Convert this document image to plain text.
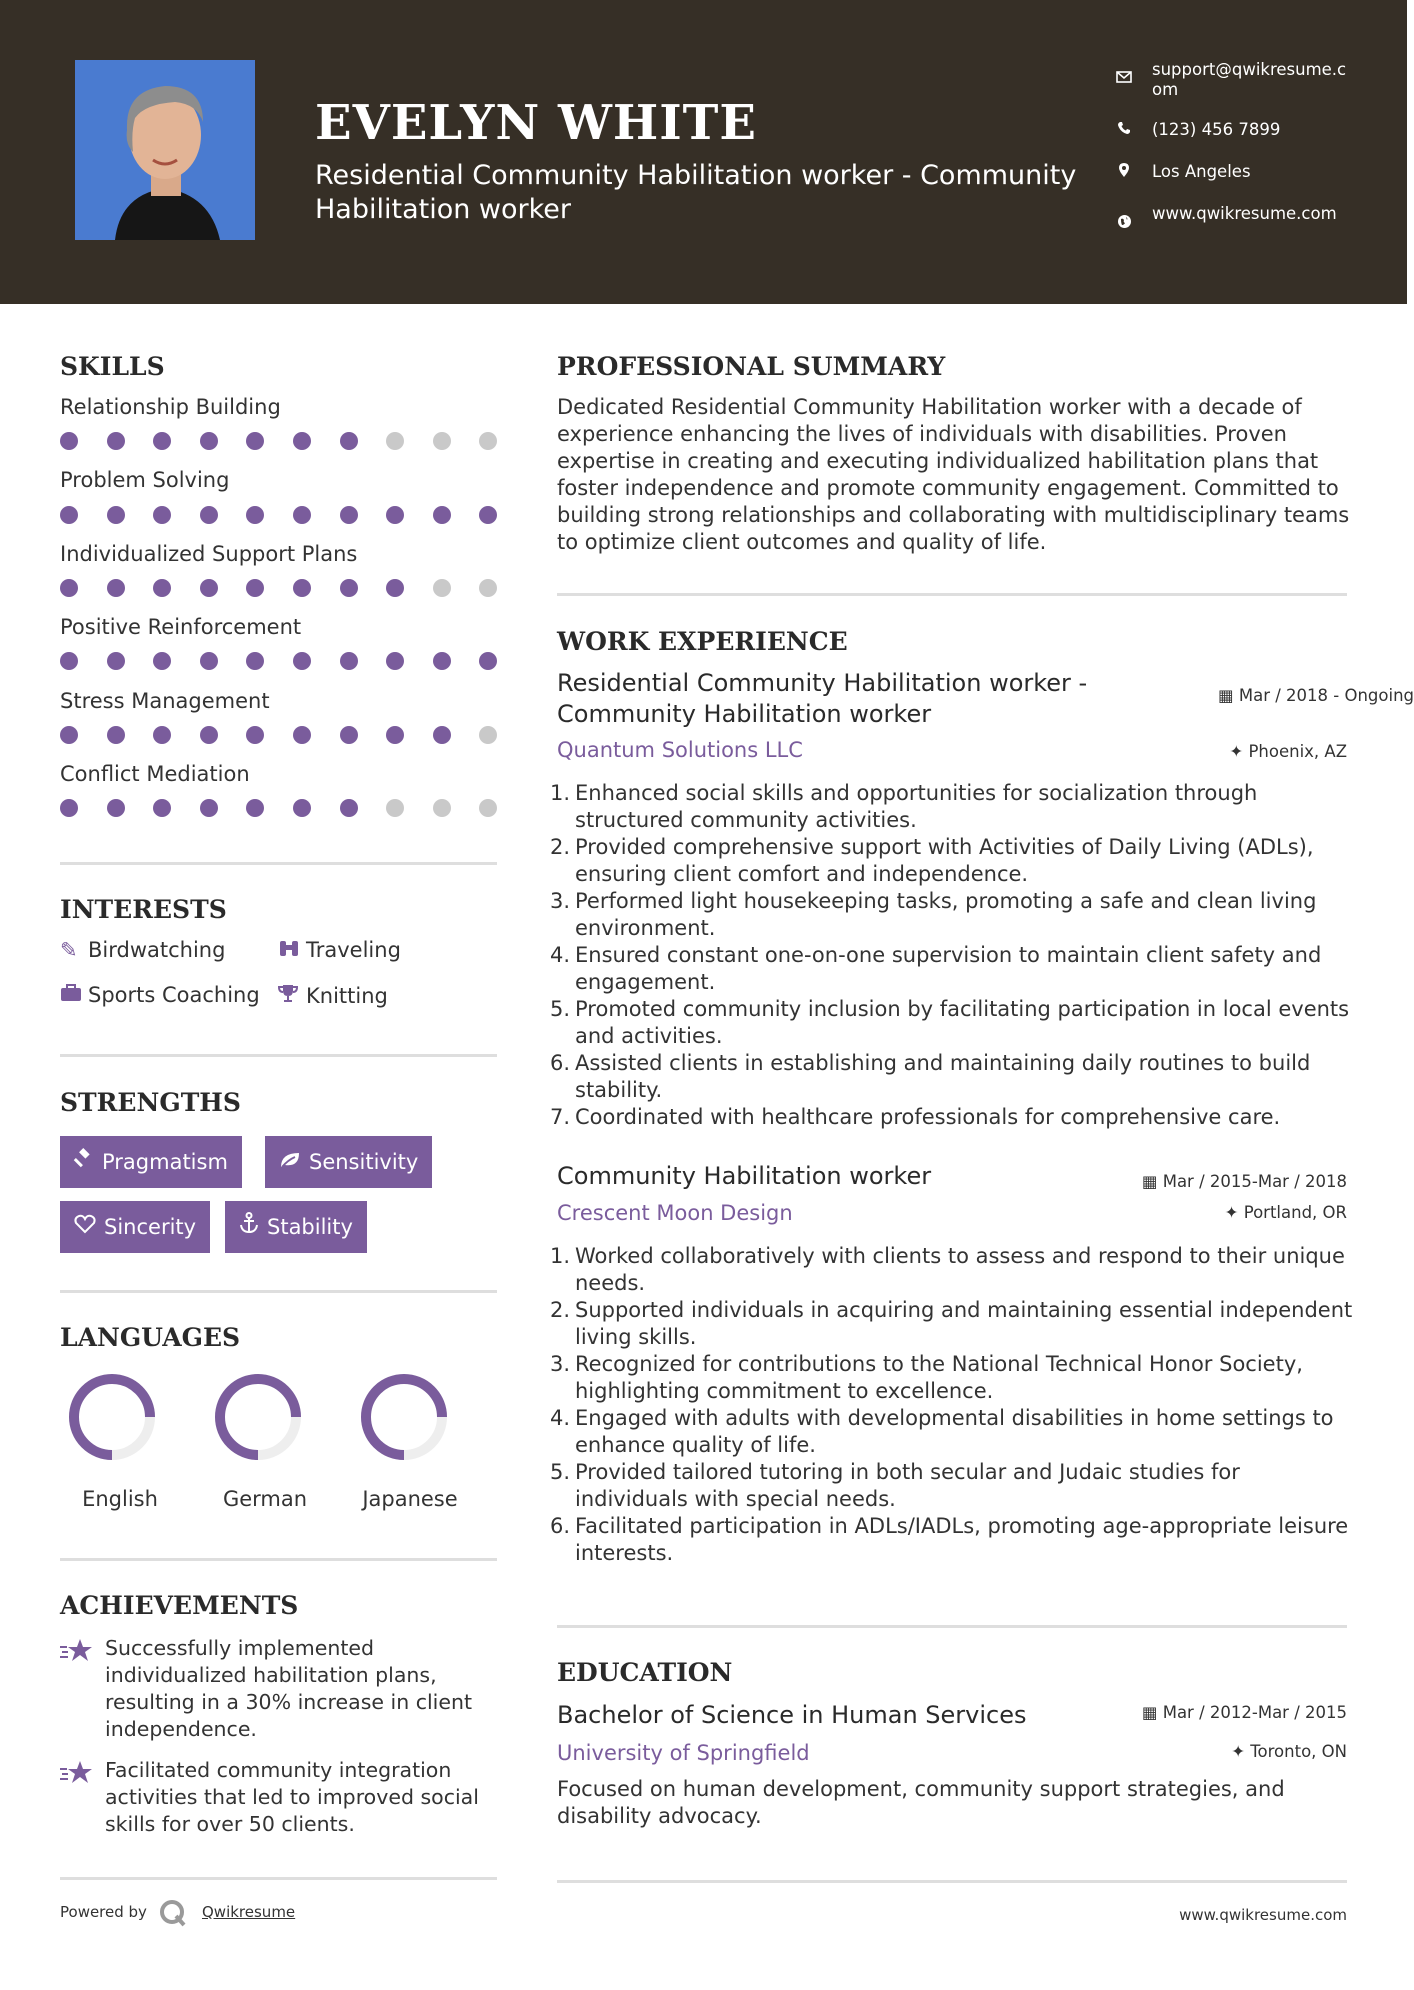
EVELYN WHITE
Residential Community Habilitation worker - Community Habilitation worker
support@qwikresume.com
(123) 456 7899
Los Angeles
www.qwikresume.com
SKILLS
Relationship Building
Problem Solving
Individualized Support Plans
Positive Reinforcement
Stress Management
Conflict Mediation
INTERESTS
✎ Birdwatching	Traveling
Sports Coaching	Knitting
STRENGTHS
Pragmatism	Sensitivity
Sincerity	Stability
LANGUAGES
English	German	Japanese
ACHIEVEMENTS
Successfully implemented individualized habilitation plans, resulting in a 30% increase in client independence.
Facilitated community integration activities that led to improved social skills for over 50 clients.
PROFESSIONAL SUMMARY
Dedicated Residential Community Habilitation worker with a decade of experience enhancing the lives of individuals with disabilities. Proven expertise in creating and executing individualized habilitation plans that foster independence and promote community engagement. Committed to building strong relationships and collaborating with multidisciplinary teams to optimize client outcomes and quality of life.
WORK EXPERIENCE
Residential Community Habilitation worker - Community Habilitation worker
▦ Mar / 2018 - Ongoing
Quantum Solutions LLC	✦ Phoenix, AZ
1. Enhanced social skills and opportunities for socialization through structured community activities.
2. Provided comprehensive support with Activities of Daily Living (ADLs), ensuring client comfort and independence.
3. Performed light housekeeping tasks, promoting a safe and clean living environment.
4. Ensured constant one-on-one supervision to maintain client safety and engagement.
5. Promoted community inclusion by facilitating participation in local events and activities.
6. Assisted clients in establishing and maintaining daily routines to build stability.
7. Coordinated with healthcare professionals for comprehensive care.
Community Habilitation worker	▦ Mar / 2015-Mar / 2018
Crescent Moon Design	✦ Portland, OR
1. Worked collaboratively with clients to assess and respond to their unique needs.
2. Supported individuals in acquiring and maintaining essential independent living skills.
3. Recognized for contributions to the National Technical Honor Society, highlighting commitment to excellence.
4. Engaged with adults with developmental disabilities in home settings to enhance quality of life.
5. Provided tailored tutoring in both secular and Judaic studies for individuals with special needs.
6. Facilitated participation in ADLs/IADLs, promoting age-appropriate leisure interests.
EDUCATION
Bachelor of Science in Human Services	▦ Mar / 2012-Mar / 2015
University of Springfield	✦ Toronto, ON
Focused on human development, community support strategies, and disability advocacy.
Powered by	Qwikresume	www.qwikresume.com
